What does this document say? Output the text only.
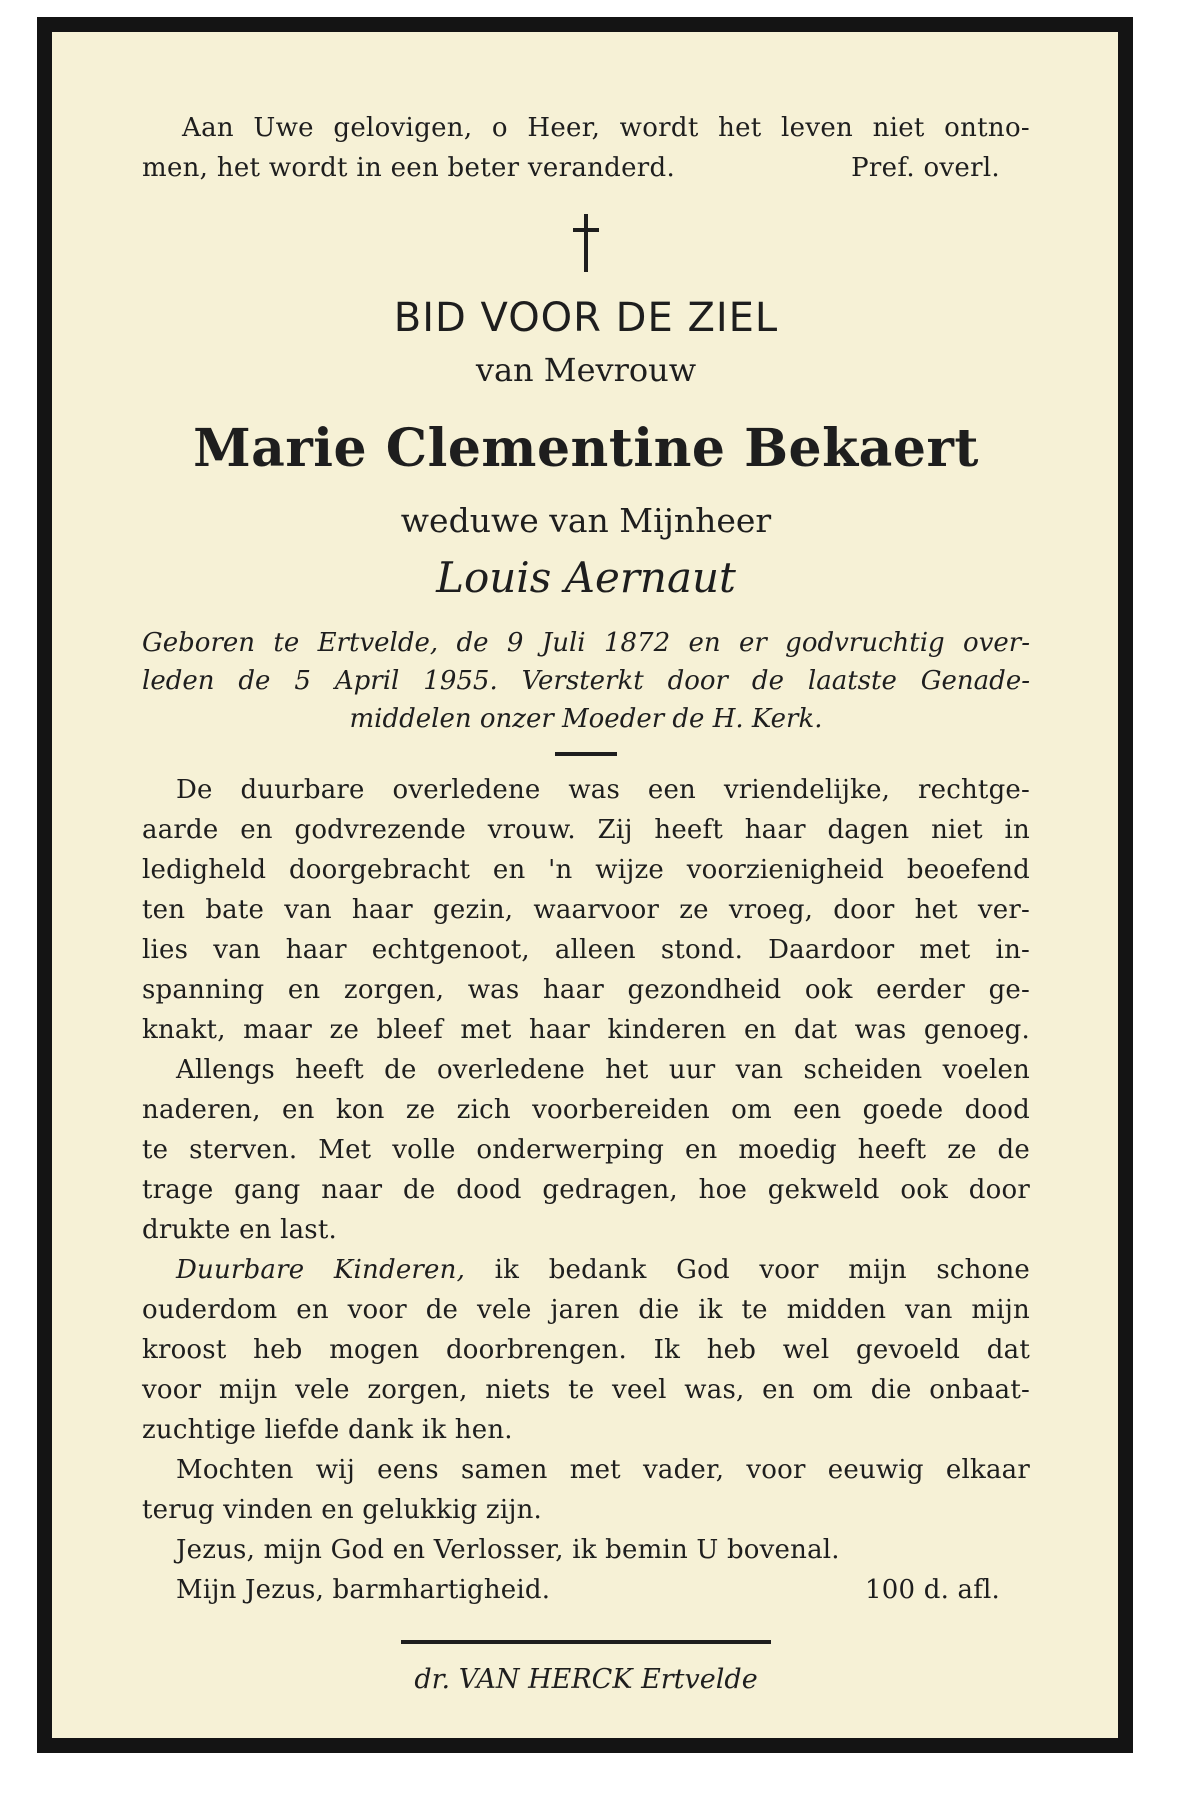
Aan Uwe gelovigen, o Heer, wordt het leven niet ontno-
men, het wordt in een beter veranderd.	Pref. overl.
BID VOOR DE ZIEL
van Mevrouw
Marie Clementine Bekaert
weduwe van Mijnheer
Louis Aernaut
Geboren te Ertvelde, de 9 Juli 1872 en er godvruchtig over-
leden de 5 April 1955. Versterkt door de laatste Genade-
middelen onzer Moeder de H. Kerk.
De duurbare overledene was een vriendelijke, rechtge-
aarde en godvrezende vrouw. Zij heeft haar dagen niet in
ledigheld doorgebracht en 'n wijze voorzienigheid beoefend
ten bate van haar gezin, waarvoor ze vroeg, door het ver-
lies van haar echtgenoot, alleen stond. Daardoor met in-
spanning en zorgen, was haar gezondheid ook eerder ge-
knakt, maar ze bleef met haar kinderen en dat was genoeg.
Allengs heeft de overledene het uur van scheiden voelen
naderen, en kon ze zich voorbereiden om een goede dood
te sterven. Met volle onderwerping en moedig heeft ze de
trage gang naar de dood gedragen, hoe gekweld ook door
drukte en last.
Duurbare Kinderen, ik bedank God voor mijn schone
ouderdom en voor de vele jaren die ik te midden van mijn
kroost heb mogen doorbrengen. Ik heb wel gevoeld dat
voor mijn vele zorgen, niets te veel was, en om die onbaat-
zuchtige liefde dank ik hen.
Mochten wij eens samen met vader, voor eeuwig elkaar
terug vinden en gelukkig zijn.
Jezus, mijn God en Verlosser, ik bemin U bovenal.
Mijn Jezus, barmhartigheid.	100 d. afl.
dr. VAN HERCK Ertvelde
